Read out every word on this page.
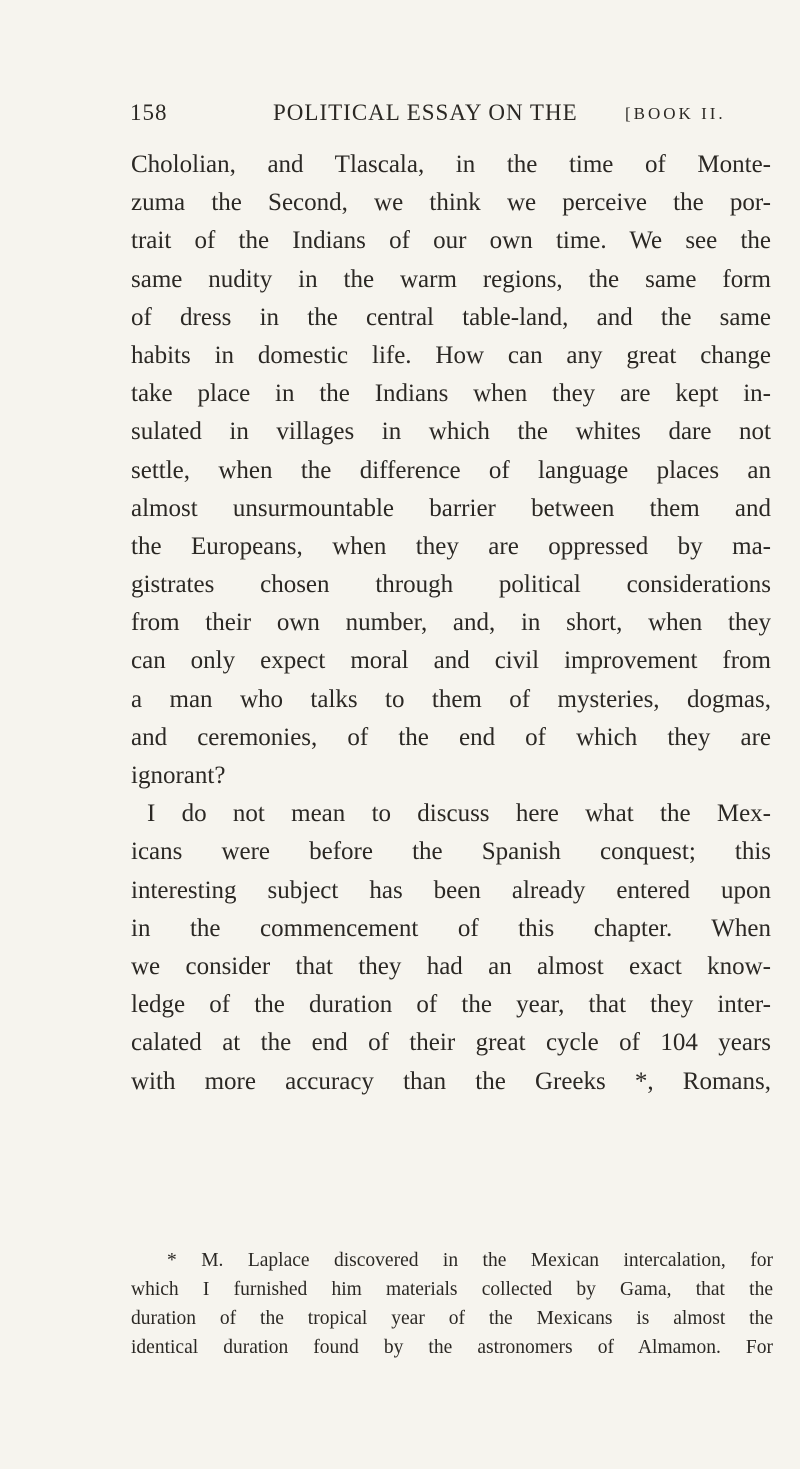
158	POLITICAL ESSAY ON THE	[BOOK II.
Chololian, and Tlascala, in the time of Monte-
zuma the Second, we think we perceive the por-
trait of the Indians of our own time. We see the
same nudity in the warm regions, the same form
of dress in the central table-land, and the same
habits in domestic life. How can any great change
take place in the Indians when they are kept in-
sulated in villages in which the whites dare not
settle, when the difference of language places an
almost unsurmountable barrier between them and
the Europeans, when they are oppressed by ma-
gistrates chosen through political considerations
from their own number, and, in short, when they
can only expect moral and civil improvement from
a man who talks to them of mysteries, dogmas,
and ceremonies, of the end of which they are
ignorant?
I do not mean to discuss here what the Mex-
icans were before the Spanish conquest; this
interesting subject has been already entered upon
in the commencement of this chapter. When
we consider that they had an almost exact know-
ledge of the duration of the year, that they inter-
calated at the end of their great cycle of 104 years
with more accuracy than the Greeks *, Romans,
* M. Laplace discovered in the Mexican intercalation, for
which I furnished him materials collected by Gama, that the
duration of the tropical year of the Mexicans is almost the
identical duration found by the astronomers of Almamon. For
